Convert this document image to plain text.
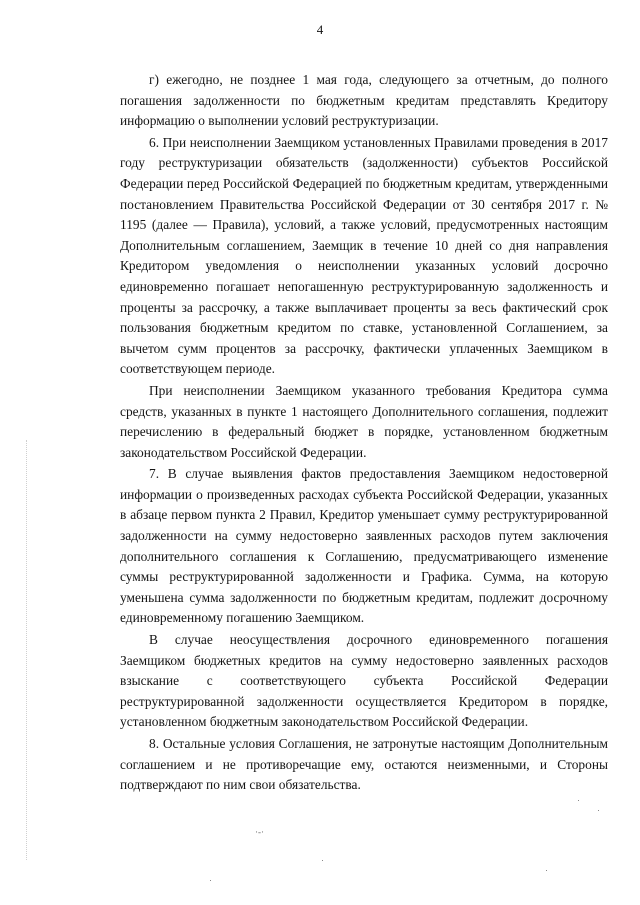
4

г) ежегодно, не позднее 1 мая года, следующего за отчетным, до полного погашения задолженности по бюджетным кредитам представлять Кредитору информацию о выполнении условий реструктуризации.

6. При неисполнении Заемщиком установленных Правилами проведения в 2017 году реструктуризации обязательств (задолженности) субъектов Российской Федерации перед Российской Федерацией по бюджетным кредитам, утвержденными постановлением Правительства Российской Федерации от 30 сентября 2017 г. № 1195 (далее — Правила), условий, а также условий, предусмотренных настоящим Дополнительным соглашением, Заемщик в течение 10 дней со дня направления Кредитором уведомления о неисполнении указанных условий досрочно единовременно погашает непогашенную реструктурированную задолженность и проценты за рассрочку, а также выплачивает проценты за весь фактический срок пользования бюджетным кредитом по ставке, установленной Соглашением, за вычетом сумм процентов за рассрочку, фактически уплаченных Заемщиком в соответствующем периоде.

При неисполнении Заемщиком указанного требования Кредитора сумма средств, указанных в пункте 1 настоящего Дополнительного соглашения, подлежит перечислению в федеральный бюджет в порядке, установленном бюджетным законодательством Российской Федерации.

7. В случае выявления фактов предоставления Заемщиком недостоверной информации о произведенных расходах субъекта Российской Федерации, указанных в абзаце первом пункта 2 Правил, Кредитор уменьшает сумму реструктурированной задолженности на сумму недостоверно заявленных расходов путем заключения дополнительного соглашения к Соглашению, предусматривающего изменение суммы реструктурированной задолженности и Графика. Сумма, на которую уменьшена сумма задолженности по бюджетным кредитам, подлежит досрочному единовременному погашению Заемщиком.

В случае неосуществления досрочного единовременного погашения Заемщиком бюджетных кредитов на сумму недостоверно заявленных расходов взыскание с соответствующего субъекта Российской Федерации реструктурированной задолженности осуществляется Кредитором в порядке, установленном бюджетным законодательством Российской Федерации.

8. Остальные условия Соглашения, не затронутые настоящим Дополнительным соглашением и не противоречащие ему, остаются неизменными, и Стороны подтверждают по ним свои обязательства.

·‐·
